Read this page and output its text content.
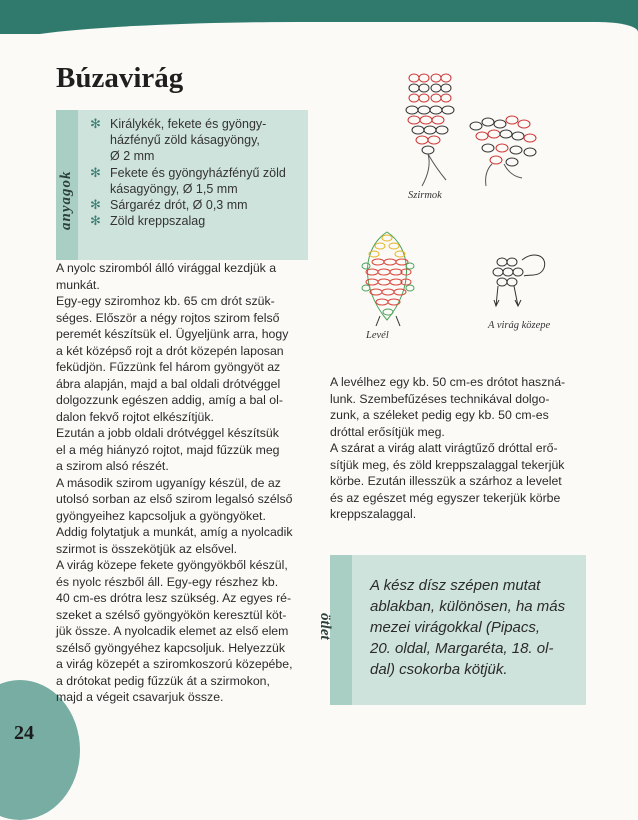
Búzavirág
anyagok
✻ Királykék, fekete és gyöngy-
házfényű zöld kásagyöngy,
Ø 2 mm
✻ Fekete és gyöngyházfényű zöld
kásagyöngy, Ø 1,5 mm
✻ Sárgaréz drót, Ø 0,3 mm
✻ Zöld kreppszalag
Szirmok
Levél
A virág közepe

A nyolc sziromból álló virággal kezdjük a

munkát.

Egy-egy sziromhoz kb. 65 cm drót szük-

séges. Először a négy rojtos szirom felső

peremét készítsük el. Ügyeljünk arra, hogy

a két középső rojt a drót közepén laposan

feküdjön. Fűzzünk fel három gyöngyöt az

ábra alapján, majd a bal oldali drótvéggel

dolgozzunk egészen addig, amíg a bal ol-

dalon fekvő rojtot elkészítjük.

Ezután a jobb oldali drótvéggel készítsük

el a még hiányzó rojtot, majd fűzzük meg

a szirom alsó részét.

A második szirom ugyanígy készül, de az

utolsó sorban az első szirom legalsó szélső

gyöngyeihez kapcsoljuk a gyöngyöket.

Addig folytatjuk a munkát, amíg a nyolcadik

szirmot is összekötjük az elsővel.

A virág közepe fekete gyöngyökből készül,

és nyolc részből áll. Egy-egy részhez kb.

40 cm-es drótra lesz szükség. Az egyes ré-

szeket a szélső gyöngyökön keresztül köt-

jük össze. A nyolcadik elemet az első elem

szélső gyöngyéhez kapcsoljuk. Helyezzük

a virág közepét a sziromkoszorú közepébe,

a drótokat pedig fűzzük át a szirmokon,

majd a végeit csavarjuk össze.

A levélhez egy kb. 50 cm-es drótot haszná-

lunk. Szembefűzéses technikával dolgo-

zunk, a széleket pedig egy kb. 50 cm-es

dróttal erősítjük meg.

A szárat a virág alatt virágtűző dróttal erő-

sítjük meg, és zöld kreppszalaggal tekerjük

körbe. Ezután illesszük a szárhoz a levelet

és az egészet még egyszer tekerjük körbe

kreppszalaggal.

ötlet
A kész dísz szépen mutat
ablakban, különösen, ha más
mezei virágokkal (Pipacs,
20. oldal, Margaréta, 18. ol-
dal) csokorba kötjük.
24
